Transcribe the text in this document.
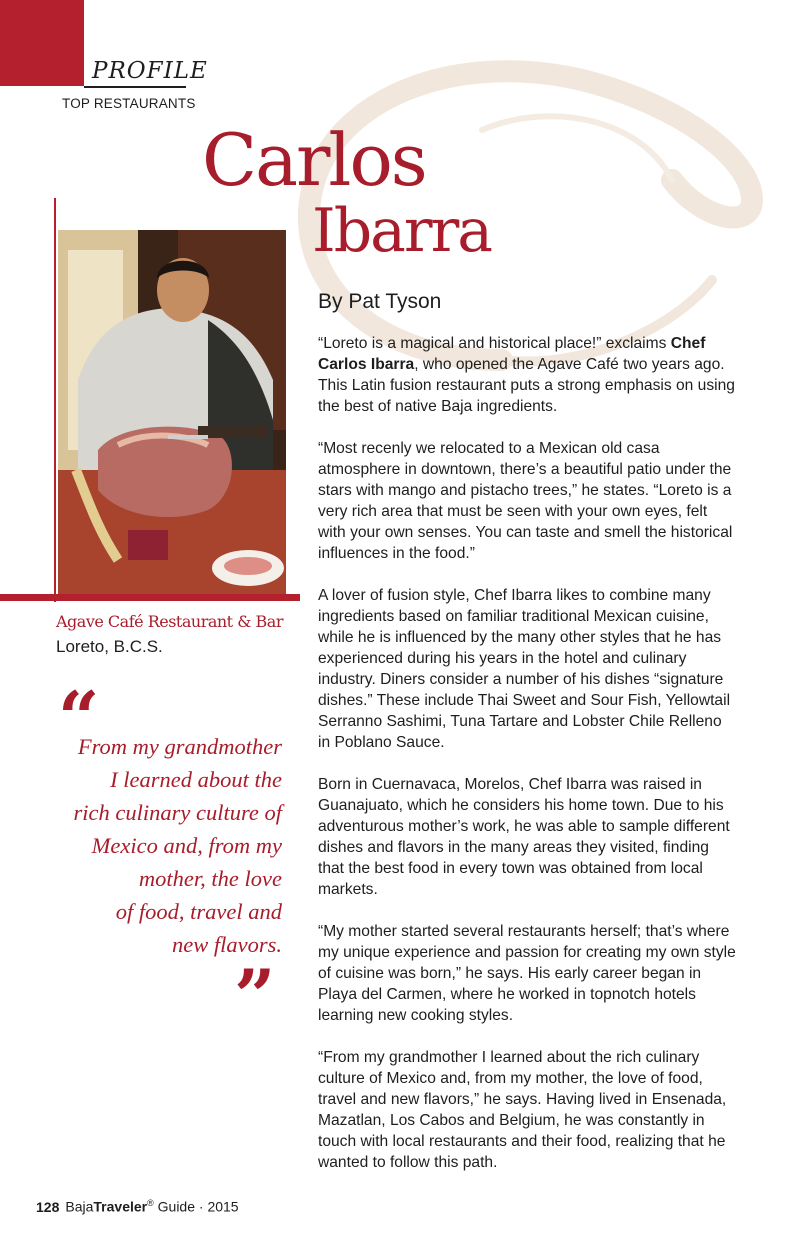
PROFILE
TOP RESTAURANTS
Carlos
Ibarra
Agave Café Restaurant & Bar
Loreto, B.C.S.
“
From my grandmother
I learned about the
rich culinary culture of
Mexico and, from my
mother, the love
of food, travel and
new flavors.
”
By Pat Tyson

“Loreto is a magical and historical place!” exclaims Chef Carlos Ibarra, who opened the Agave Café two years ago. This Latin fusion restaurant puts a strong emphasis on using the best of native Baja ingredients.

“Most recenly we relocated to a Mexican old casa atmosphere in downtown, there’s a beautiful patio under the stars with mango and pistacho trees,” he states. “Loreto is a very rich area that must be seen with your own eyes, felt with your own senses. You can taste and smell the historical influences in the food.”

A lover of fusion style, Chef Ibarra likes to combine many ingredients based on familiar traditional Mexican cuisine, while he is influenced by the many other styles that he has experienced during his years in the hotel and culinary industry. Diners consider a number of his dishes “signature dishes.” These include Thai Sweet and Sour Fish, Yellowtail Serranno Sashimi, Tuna Tartare and Lobster Chile Relleno in Poblano Sauce.

Born in Cuernavaca, Morelos, Chef Ibarra was raised in Guanajuato, which he considers his home town. Due to his adventurous mother’s work, he was able to sample different dishes and flavors in the many areas they visited, finding that the best food in every town was obtained from local markets.

“My mother started several restaurants herself; that’s where my unique experience and passion for creating my own style of cuisine was born,” he says. His early career began in Playa del Carmen, where he worked in topnotch hotels learning new cooking styles.

“From my grandmother I learned about the rich culinary culture of Mexico and, from my mother, the love of food, travel and new flavors,” he says. Having lived in Ensenada, Mazatlan, Los Cabos and Belgium, he was constantly in touch with local restaurants and their food, realizing that he wanted to follow this path.

128 BajaTraveler® Guide · 2015
